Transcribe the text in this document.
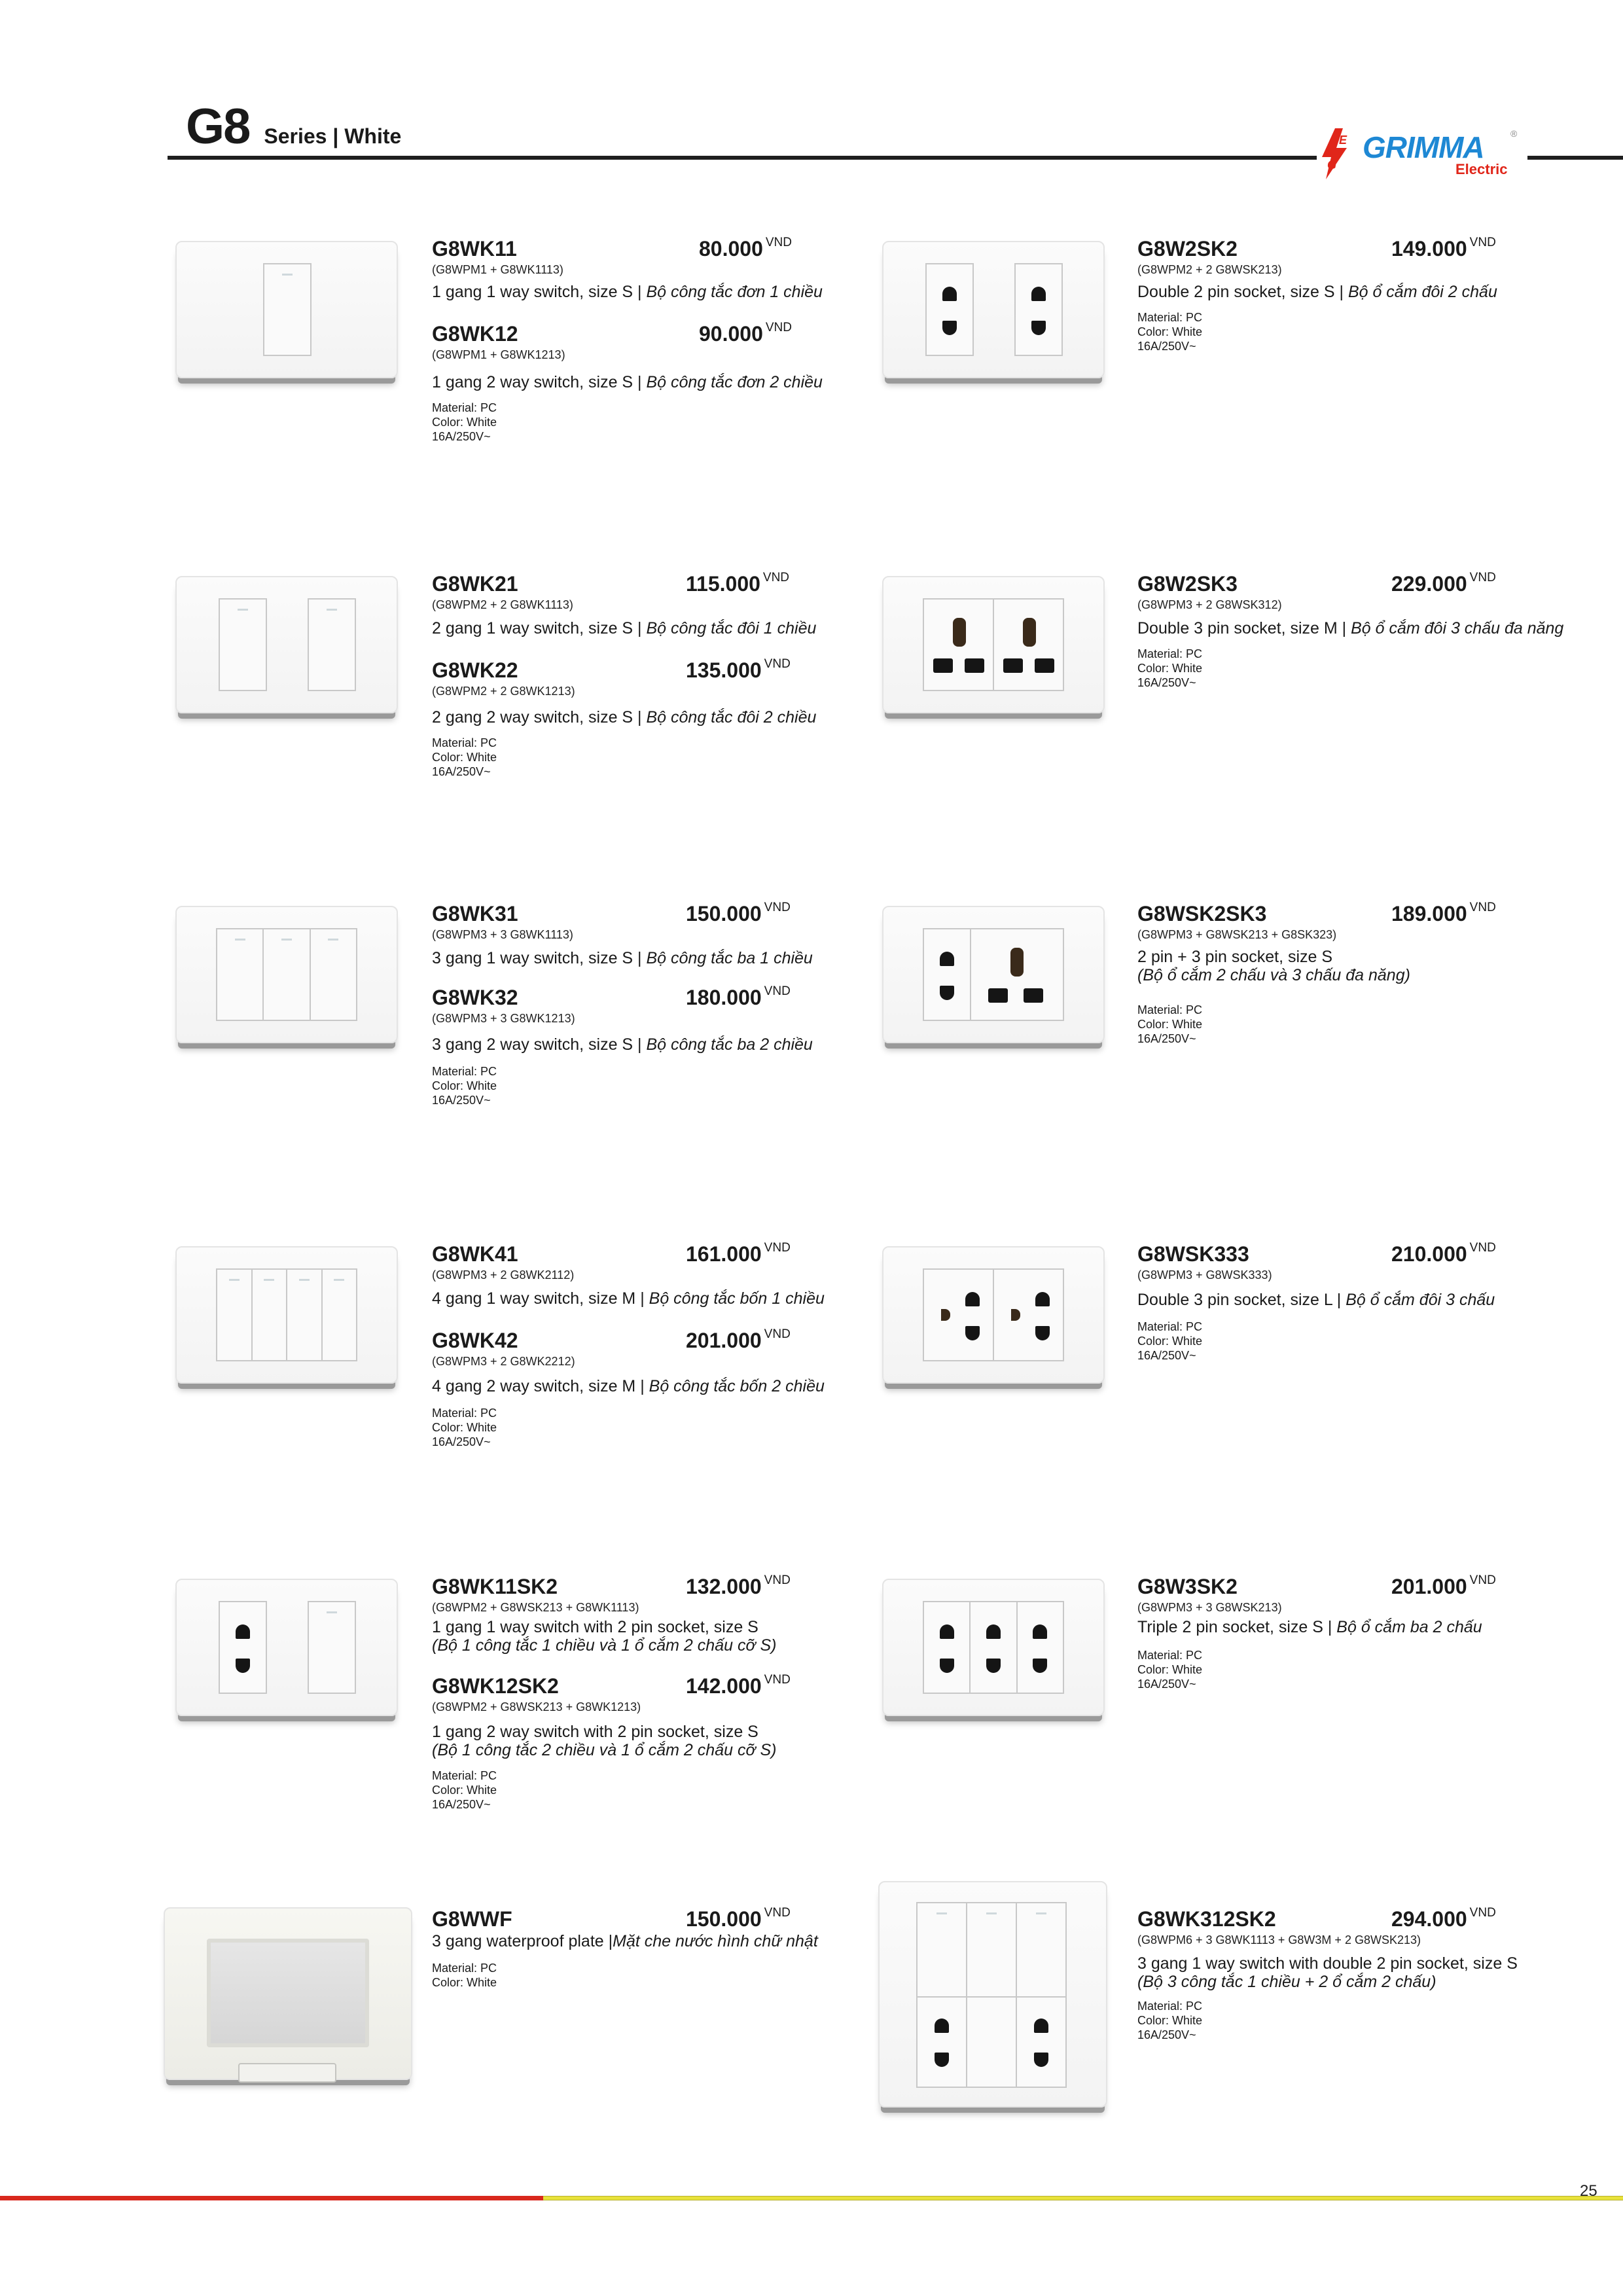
G8 Series | White	E
G
GRIMMA	®
Electric
G8WK11	80.000 $^{VND}$
(G8WPM1 + G8WK1113)
1 gang 1 way switch, size S | Bộ công tắc đơn 1 chiều
G8WK12	90.000 $^{VND}$
(G8WPM1 + G8WK1213)
1 gang 2 way switch, size S | Bộ công tắc đơn 2 chiều
Material: PC
Color: White
16A/250V~
G8W2SK2	149.000 $^{VND}$
(G8WPM2 + 2 G8WSK213)
Double 2 pin socket, size S | Bộ ổ cắm đôi 2 chấu
Material: PC
Color: White
16A/250V~
G8WK21	115.000 $^{VND}$
(G8WPM2 + 2 G8WK1113)
2 gang 1 way switch, size S | Bộ công tắc đôi 1 chiều
G8WK22	135.000 $^{VND}$
(G8WPM2 + 2 G8WK1213)
2 gang 2 way switch, size S | Bộ công tắc đôi 2 chiều
Material: PC
Color: White
16A/250V~
G8W2SK3	229.000 $^{VND}$
(G8WPM3 + 2 G8WSK312)
Double 3 pin socket, size M | Bộ ổ cắm đôi 3 chấu đa năng
Material: PC
Color: White
16A/250V~
G8WK31	150.000 $^{VND}$
(G8WPM3 + 3 G8WK1113)
3 gang 1 way switch, size S | Bộ công tắc ba 1 chiều
G8WK32	180.000 $^{VND}$
(G8WPM3 + 3 G8WK1213)
3 gang 2 way switch, size S | Bộ công tắc ba 2 chiều
Material: PC
Color: White
16A/250V~
G8WSK2SK3	189.000 $^{VND}$
(G8WPM3 + G8WSK213 + G8SK323)
2 pin + 3 pin socket, size S
(Bộ ổ cắm 2 chấu và 3 chấu đa năng)
Material: PC
Color: White
16A/250V~
G8WK41	161.000 $^{VND}$
(G8WPM3 + 2 G8WK2112)
4 gang 1 way switch, size M | Bộ công tắc bốn 1 chiều
G8WK42	201.000 $^{VND}$
(G8WPM3 + 2 G8WK2212)
4 gang 2 way switch, size M | Bộ công tắc bốn 2 chiều
Material: PC
Color: White
16A/250V~
G8WSK333	210.000 $^{VND}$
(G8WPM3 + G8WSK333)
Double 3 pin socket, size L | Bộ ổ cắm đôi 3 chấu
Material: PC
Color: White
16A/250V~
G8WK11SK2	132.000 $^{VND}$
(G8WPM2 + G8WSK213 + G8WK1113)
1 gang 1 way switch with 2 pin socket, size S
(Bộ 1 công tắc 1 chiều và 1 ổ cắm 2 chấu cỡ S)
G8WK12SK2	142.000 $^{VND}$
(G8WPM2 + G8WSK213 + G8WK1213)
1 gang 2 way switch with 2 pin socket, size S
(Bộ 1 công tắc 2 chiều và 1 ổ cắm 2 chấu cỡ S)
Material: PC
Color: White
16A/250V~
G8W3SK2	201.000 $^{VND}$
(G8WPM3 + 3 G8WSK213)
Triple 2 pin socket, size S | Bộ ổ cắm ba 2 chấu
Material: PC
Color: White
16A/250V~
G8WWF	150.000 $^{VND}$
3 gang waterproof plate |Mặt che nước hình chữ nhật
Material: PC
Color: White
G8WK312SK2	294.000 $^{VND}$
(G8WPM6 + 3 G8WK1113 + G8W3M + 2 G8WSK213)
3 gang 1 way switch with double 2 pin socket, size S
(Bộ 3 công tắc 1 chiều + 2 ổ cắm 2 chấu)
Material: PC
Color: White
16A/250V~
25
